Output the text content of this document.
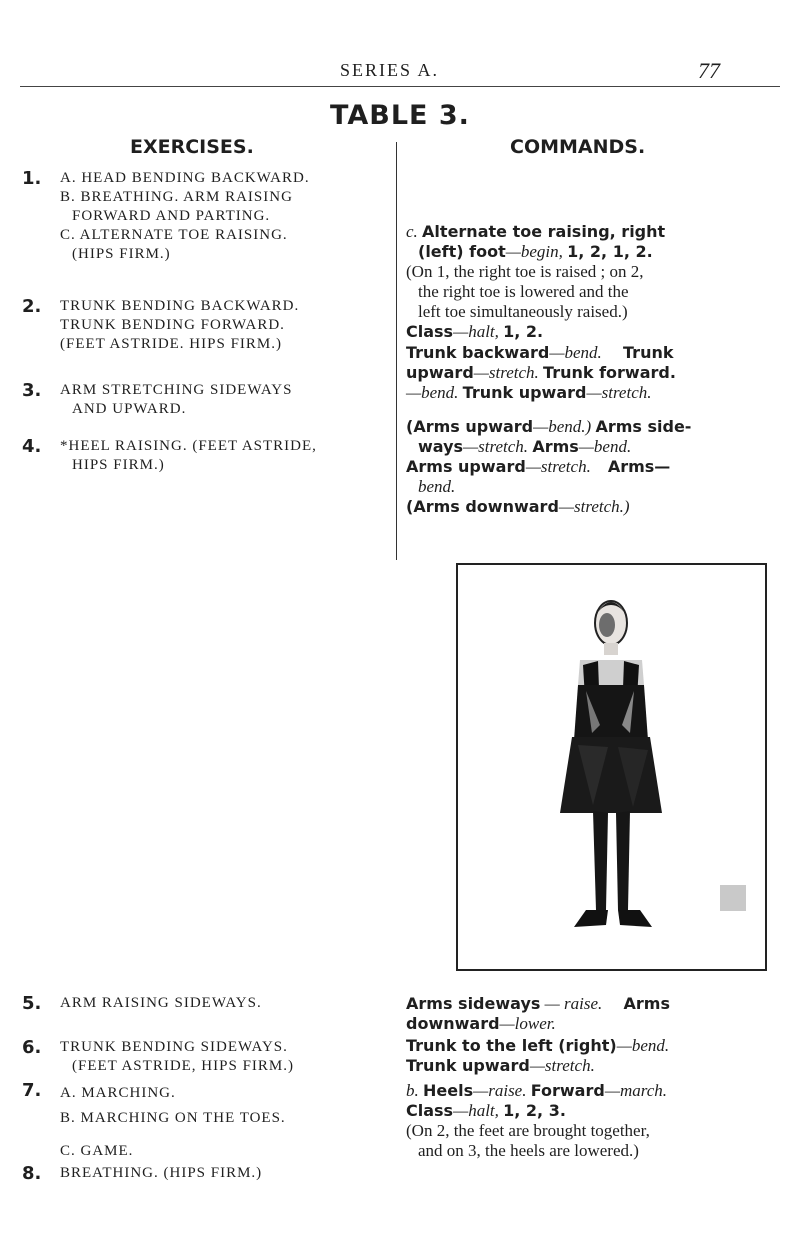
SERIES A.	77
TABLE 3.
EXERCISES.	COMMANDS.
1. A. HEAD BENDING BACKWARD.
B. BREATHING. ARM RAISING
FORWARD AND PARTING.
C. ALTERNATE TOE RAISING.
(HIPS FIRM.)
2. TRUNK BENDING BACKWARD.
TRUNK BENDING FORWARD.
(FEET ASTRIDE. HIPS FIRM.)
3. ARM STRETCHING SIDEWAYS
AND UPWARD.
4. *HEEL RAISING. (FEET ASTRIDE,
HIPS FIRM.)
5. ARM RAISING SIDEWAYS.
6. TRUNK BENDING SIDEWAYS.
(FEET ASTRIDE, HIPS FIRM.)
7. A. MARCHING.
B. MARCHING ON THE TOES.
C. GAME.
8. BREATHING. (HIPS FIRM.)
c. Alternate toe raising, right
(left) foot—begin, 1, 2, 1, 2.
(On 1, the right toe is raised ; on 2,
the right toe is lowered and the
left toe simultaneously raised.)
Class—halt, 1, 2.
Trunk backward—bend. Trunk
upward—stretch. Trunk forward.
—bend. Trunk upward—stretch.
(Arms upward—bend.) Arms side-
ways—stretch. Arms—bend.
Arms upward—stretch. Arms—
bend.
(Arms downward—stretch.)
Arms sideways — raise. Arms
downward—lower.
Trunk to the left (right)—bend.
Trunk upward—stretch.
b. Heels—raise. Forward—march.
Class—halt, 1, 2, 3.
(On 2, the feet are brought together,
and on 3, the heels are lowered.)
